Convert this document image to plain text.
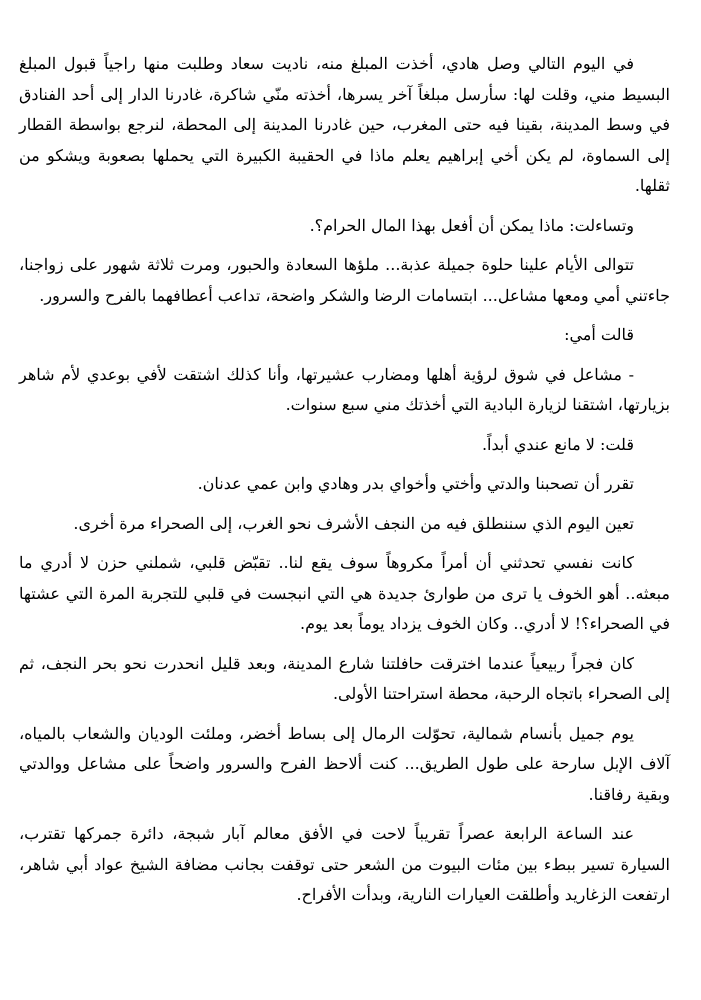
في اليوم التالي وصل هادي، أخذت المبلغ منه، ناديت سعاد وطلبت منها راجياً قبول المبلغ البسيط مني، وقلت لها: سأرسل مبلغاً آخر يسرها، أخذته منّي شاكرة، غادرنا الدار إلى أحد الفنادق في وسط المدينة، بقينا فيه حتى المغرب، حين غادرنا المدينة إلى المحطة، لنرجع بواسطة القطار إلى السماوة، لم يكن أخي إبراهيم يعلم ماذا في الحقيبة الكبيرة التي يحملها بصعوبة ويشكو من ثقلها.

وتساءلت: ماذا يمكن أن أفعل بهذا المال الحرام؟.

تتوالى الأيام علينا حلوة جميلة عذبة... ملؤها السعادة والحبور، ومرت ثلاثة شهور على زواجنا، جاءتني أمي ومعها مشاعل... ابتسامات الرضا والشكر واضحة، تداعب أعطافهما بالفرح والسرور.

قالت أمي:

- مشاعل في شوق لرؤية أهلها ومضارب عشيرتها، وأنا كذلك اشتقت لأفي بوعدي لأم شاهر بزيارتها، اشتقنا لزيارة البادية التي أخذتك مني سبع سنوات.

قلت: لا مانع عندي أبداً.

تقرر أن تصحبنا والدتي وأختي وأخواي بدر وهادي وابن عمي عدنان.

تعين اليوم الذي سننطلق فيه من النجف الأشرف نحو الغرب، إلى الصحراء مرة أخرى.

كانت نفسي تحدثني أن أمراً مكروهاً سوف يقع لنا.. تقبّض قلبي، شملني حزن لا أدري ما مبعثه.. أهو الخوف يا ترى من طوارئ جديدة هي التي انبجست في قلبي للتجربة المرة التي عشتها في الصحراء؟! لا أدري.. وكان الخوف يزداد يوماً بعد يوم.

كان فجراً ربيعياً عندما اخترقت حافلتنا شارع المدينة، وبعد قليل انحدرت نحو بحر النجف، ثم إلى الصحراء باتجاه الرحبة، محطة استراحتنا الأولى.

يوم جميل بأنسام شمالية، تحوّلت الرمال إلى بساط أخضر، وملئت الوديان والشعاب بالمياه، آلاف الإبل سارحة على طول الطريق... كنت ألاحظ الفرح والسرور واضحاً على مشاعل ووالدتي وبقية رفاقنا.

عند الساعة الرابعة عصراً تقريباً لاحت في الأفق معالم آبار شبجة، دائرة جمركها تقترب، السيارة تسير ببطء بين مئات البيوت من الشعر حتى توقفت بجانب مضافة الشيخ عواد أبي شاهر، ارتفعت الزغاريد وأطلقت العيارات النارية، وبدأت الأفراح.
